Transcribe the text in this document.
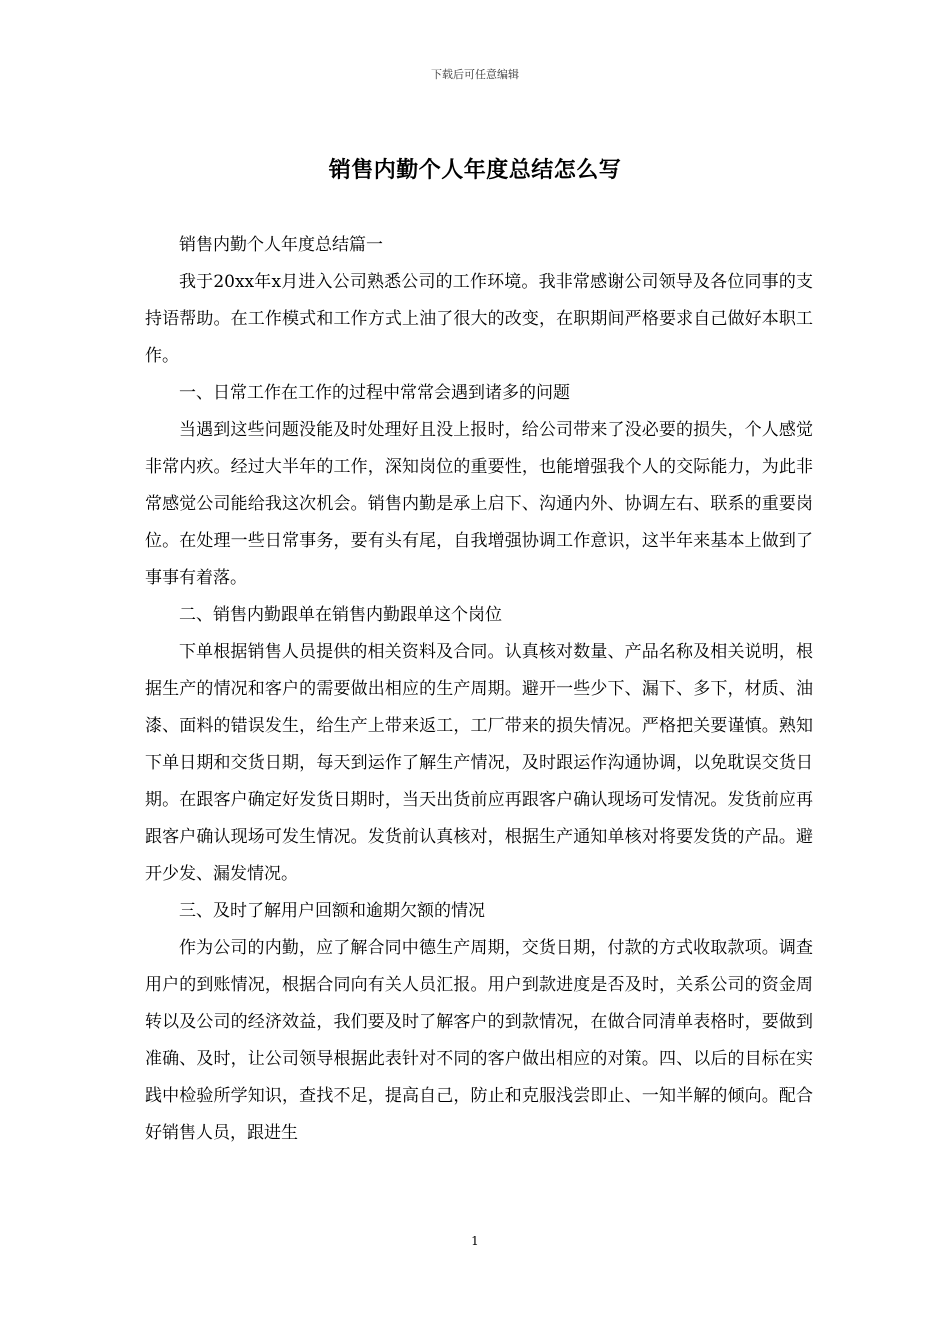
下载后可任意编辑
销售内勤个人年度总结怎么写

销售内勤个人年度总结篇一

我于20xx年x月进入公司熟悉公司的工作环境。我非常感谢公司领导及各位同事的支持语帮助。在工作模式和工作方式上油了很大的改变，在职期间严格要求自己做好本职工作。

一、日常工作在工作的过程中常常会遇到诸多的问题

当遇到这些问题没能及时处理好且没上报时，给公司带来了没必要的损失，个人感觉非常内疚。经过大半年的工作，深知岗位的重要性，也能增强我个人的交际能力，为此非常感觉公司能给我这次机会。销售内勤是承上启下、沟通内外、协调左右、联系的重要岗位。在处理一些日常事务，要有头有尾，自我增强协调工作意识，这半年来基本上做到了事事有着落。

二、销售内勤跟单在销售内勤跟单这个岗位

下单根据销售人员提供的相关资料及合同。认真核对数量、产品名称及相关说明，根据生产的情况和客户的需要做出相应的生产周期。避开一些少下、漏下、多下，材质、油漆、面料的错误发生，给生产上带来返工，工厂带来的损失情况。严格把关要谨慎。熟知下单日期和交货日期，每天到运作了解生产情况，及时跟运作沟通协调，以免耽误交货日期。在跟客户确定好发货日期时，当天出货前应再跟客户确认现场可发情况。发货前应再跟客户确认现场可发生情况。发货前认真核对，根据生产通知单核对将要发货的产品。避开少发、漏发情况。

三、及时了解用户回额和逾期欠额的情况

作为公司的内勤，应了解合同中德生产周期，交货日期，付款的方式收取款项。调查用户的到账情况，根据合同向有关人员汇报。用户到款进度是否及时，关系公司的资金周转以及公司的经济效益，我们要及时了解客户的到款情况，在做合同清单表格时，要做到准确、及时，让公司领导根据此表针对不同的客户做出相应的对策。四、以后的目标在实践中检验所学知识，查找不足，提高自己，防止和克服浅尝即止、一知半解的倾向。配合好销售人员，跟进生

1
